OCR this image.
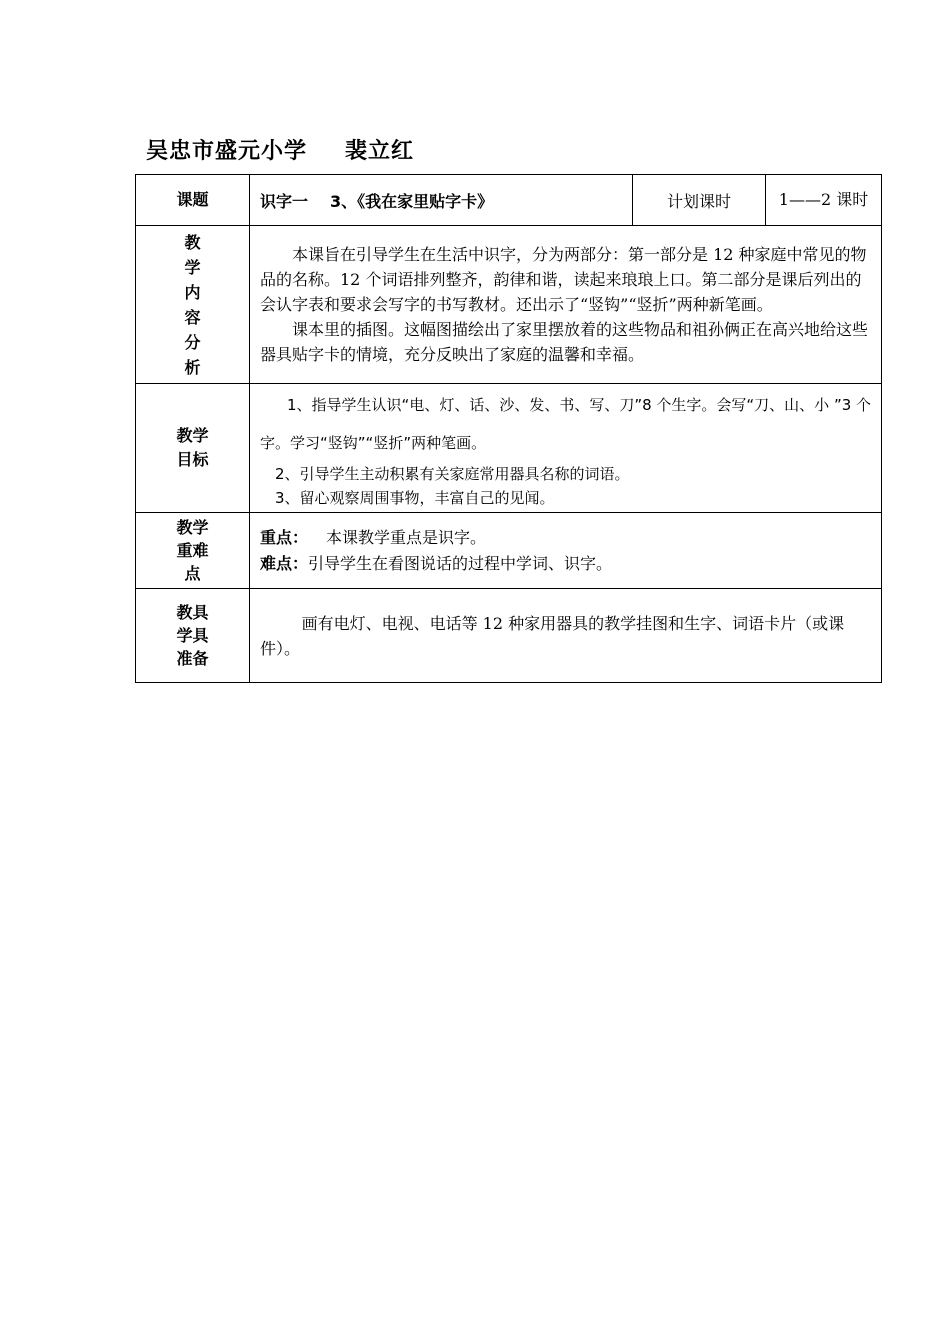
吴忠市盛元小学 裴立红
课题	识字一 3、《我在家里贴字卡》	计划课时	1——2 课时

教学内容分析	本课旨在引导学生在生活中识字，分为两部分：第一部分是 12 种家庭中常见的物品的名称。12 个词语排列整齐，韵律和谐，读起来琅琅上口。第二部分是课后列出的会认字表和要求会写字的书写教材。还出示了“竖钩”“竖折”两种新笔画。

课本里的插图。这幅图描绘出了家里摆放着的这些物品和祖孙俩正在高兴地给这些器具贴字卡的情境，充分反映出了家庭的温馨和幸福。		

教学目标	1、指导学生认识“电、灯、话、沙、发、书、写、刀”8 个生字。会写“刀、山、小 ”3 个字。学习“竖钩”“竖折”两种笔画。

2、引导学生主动积累有关家庭常用器具名称的词语。

3、留心观察周围事物，丰富自己的见闻。		

教学重难点	重点： 本课教学重点是识字。

难点：引导学生在看图说话的过程中学词、识字。		

教具学具准备	画有电灯、电视、电话等 12 种家用器具的教学挂图和生字、词语卡片（或课件）。		
